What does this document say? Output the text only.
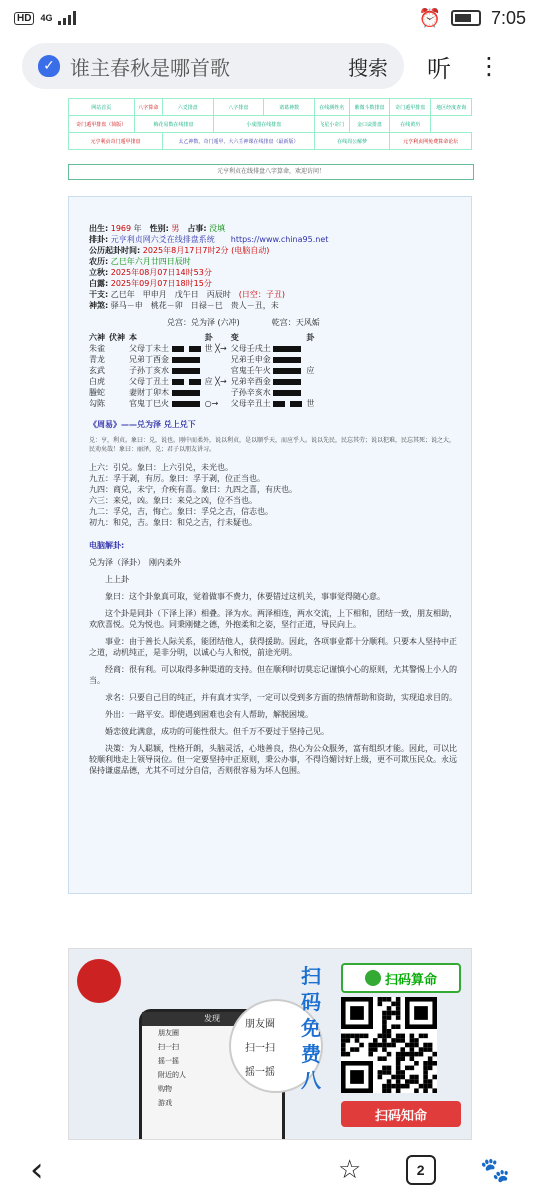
HD	4G	⏰	7:05
✓ 谁主春秋是哪首歌	搜索	听	⋮
网站首页	八字算命	六爻排盘	八字排盘	诸葛神数	在线测姓名	紫微斗数排盘	奇门遁甲排盘	地区经度查询
奇门遁甲排盘（简版）	梅花易数在线排盘		小成图在线排盘		飞星小奇门	金口诀排盘	在线黄历	
元亨利贞奇门遁甲排盘		太乙神数、奇门遁甲、大六壬神课在线排盘（最新版）			在线周公解梦		元亨利贞网免费算命论坛	
元亨利贞在线排盘八字算命，欢迎访问！
出生: 1969 年　 性别: 男　 占事: 没填
排卦: 元亨利贞网六爻在线排盘系统　　 https://www.china95.net
公历起卦时间: 2025年8月17日7时2分 (电脑自动)
农历: 乙巳年六月廿四日辰时
立秋: 2025年08月07日14时53分
白露: 2025年09月07日18时15分
干支: 乙巳年　甲申月　戊午日　丙辰时　 (日空：子丑)
神煞: 驿马－申　桃花－卯　日禄－巳　贵人－丑，未
兑宫：兑为泽 (六冲)　　　　	乾宫：天风姤
六神	伏神	本	卦	变	卦
朱雀		父母丁未土	世 ╳→	父母壬戌土	
青龙		兄弟丁酉金		兄弟壬申金	
玄武		子孙丁亥水		官鬼壬午火	应
白虎		父母丁丑土	应 ╳→	兄弟辛酉金	
螣蛇		妻财丁卯木		子孙辛亥水	
勾陈		官鬼丁巳火	○→	父母辛丑土	世
《周易》——兑为泽 兑上兑下
兑：亨，利贞。象曰：兑，说也。刚中而柔外，说以利贞，是以顺乎天，而应乎人。说以先民，民忘其劳；说以犯难，民忘其死；说之大，民劝矣哉！象曰：丽泽，兑；君子以朋友讲习。
上六：引兑。象曰：上六引兑，未光也。
九五：孚于剥，有厉。象曰：孚于剥，位正当也。
九四：商兑，未宁，介疾有喜。象曰：九四之喜，有庆也。
六三：来兑，凶。象曰：来兑之凶，位不当也。
九二：孚兑，吉，悔亡。象曰：孚兑之吉，信志也。
初九：和兑，吉。象曰：和兑之吉，行未疑也。
电脑解卦:
兑为泽（泽卦）　刚内柔外
上上卦
象曰：这个卦象真可取，觉着做事不费力，休要错过这机关，事事觉得随心意。
这个卦是同卦（下泽上泽）相叠。泽为水。两泽相连，两水交流，上下相和，团结一致，朋友相助，欢欣喜悦。兑为悦也。同秉刚健之德，外抱柔和之姿，坚行正道，导民向上。
事业：由于善长人际关系，能团结他人，获得援助。因此，各项事业都十分顺利。只要本人坚持中正之道，动机纯正，是非分明，以诚心与人和悦，前途光明。
经商：很有利。可以取得多种渠道的支持。但在顺利时切莫忘记谨慎小心的原则，尤其警惕上小人的当。
求名：只要自己目的纯正，并有真才实学，一定可以受到多方面的热情帮助和资助，实现追求目的。
外出：一路平安。即使遇到困难也会有人帮助，解脱困境。
婚恋彼此满意，成功的可能性很大。但千万不要过于坚持己见。
决策：为人聪颖，性格开朗，头脑灵活，心地善良，热心为公众服务，富有组织才能。因此，可以比较顺利地走上领导岗位。但一定要坚持中正原则，秉公办事，不得诌媚讨好上级，更不可欺压民众。永远保持谦虚品德，尤其不可过分自信，否则很容易为坏人包围。
发现
朋友圈
扫一扫
摇一摇
附近的人
购物
游戏
朋友圈
扫一扫
摇一摇
扫
码
免
费
八
扫码算命
扫码知命
‹	☆	2	🐾
